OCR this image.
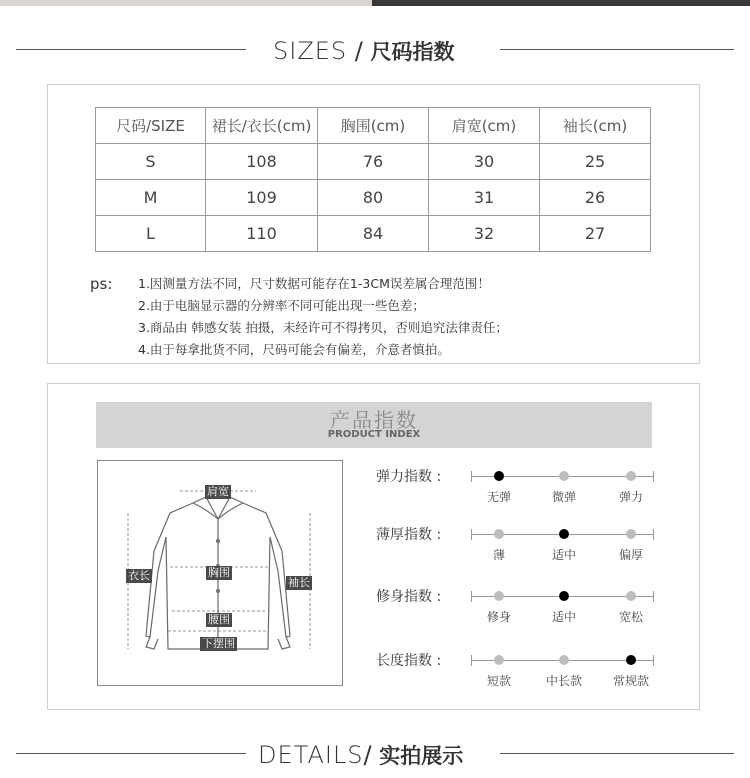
SIZES / 尺码指数
尺码/SIZE	裙长/衣长(cm)	胸围(cm)	肩宽(cm)	袖长(cm)
S	108	76	30	25
M	109	80	31	26
L	110	84	32	27
ps: 1.因测量方法不同，尺寸数据可能存在1-3CM误差属合理范围！
2.由于电脑显示器的分辨率不同可能出现一些色差；
3.商品由 韩感女装 拍摄，未经许可不得拷贝，否则追究法律责任；
4.由于每拿批货不同，尺码可能会有偏差，介意者慎拍。
产品指数
PRODUCT INDEX
肩宽
衣长	胸围
袖长
腰围
下摆围
弹力指数 :
无弹	微弹	弹力
薄厚指数 :
薄	适中	偏厚
修身指数 :
修身	适中	宽松
长度指数 :
短款	中长款	常规款
DETAILS/ 实拍展示
